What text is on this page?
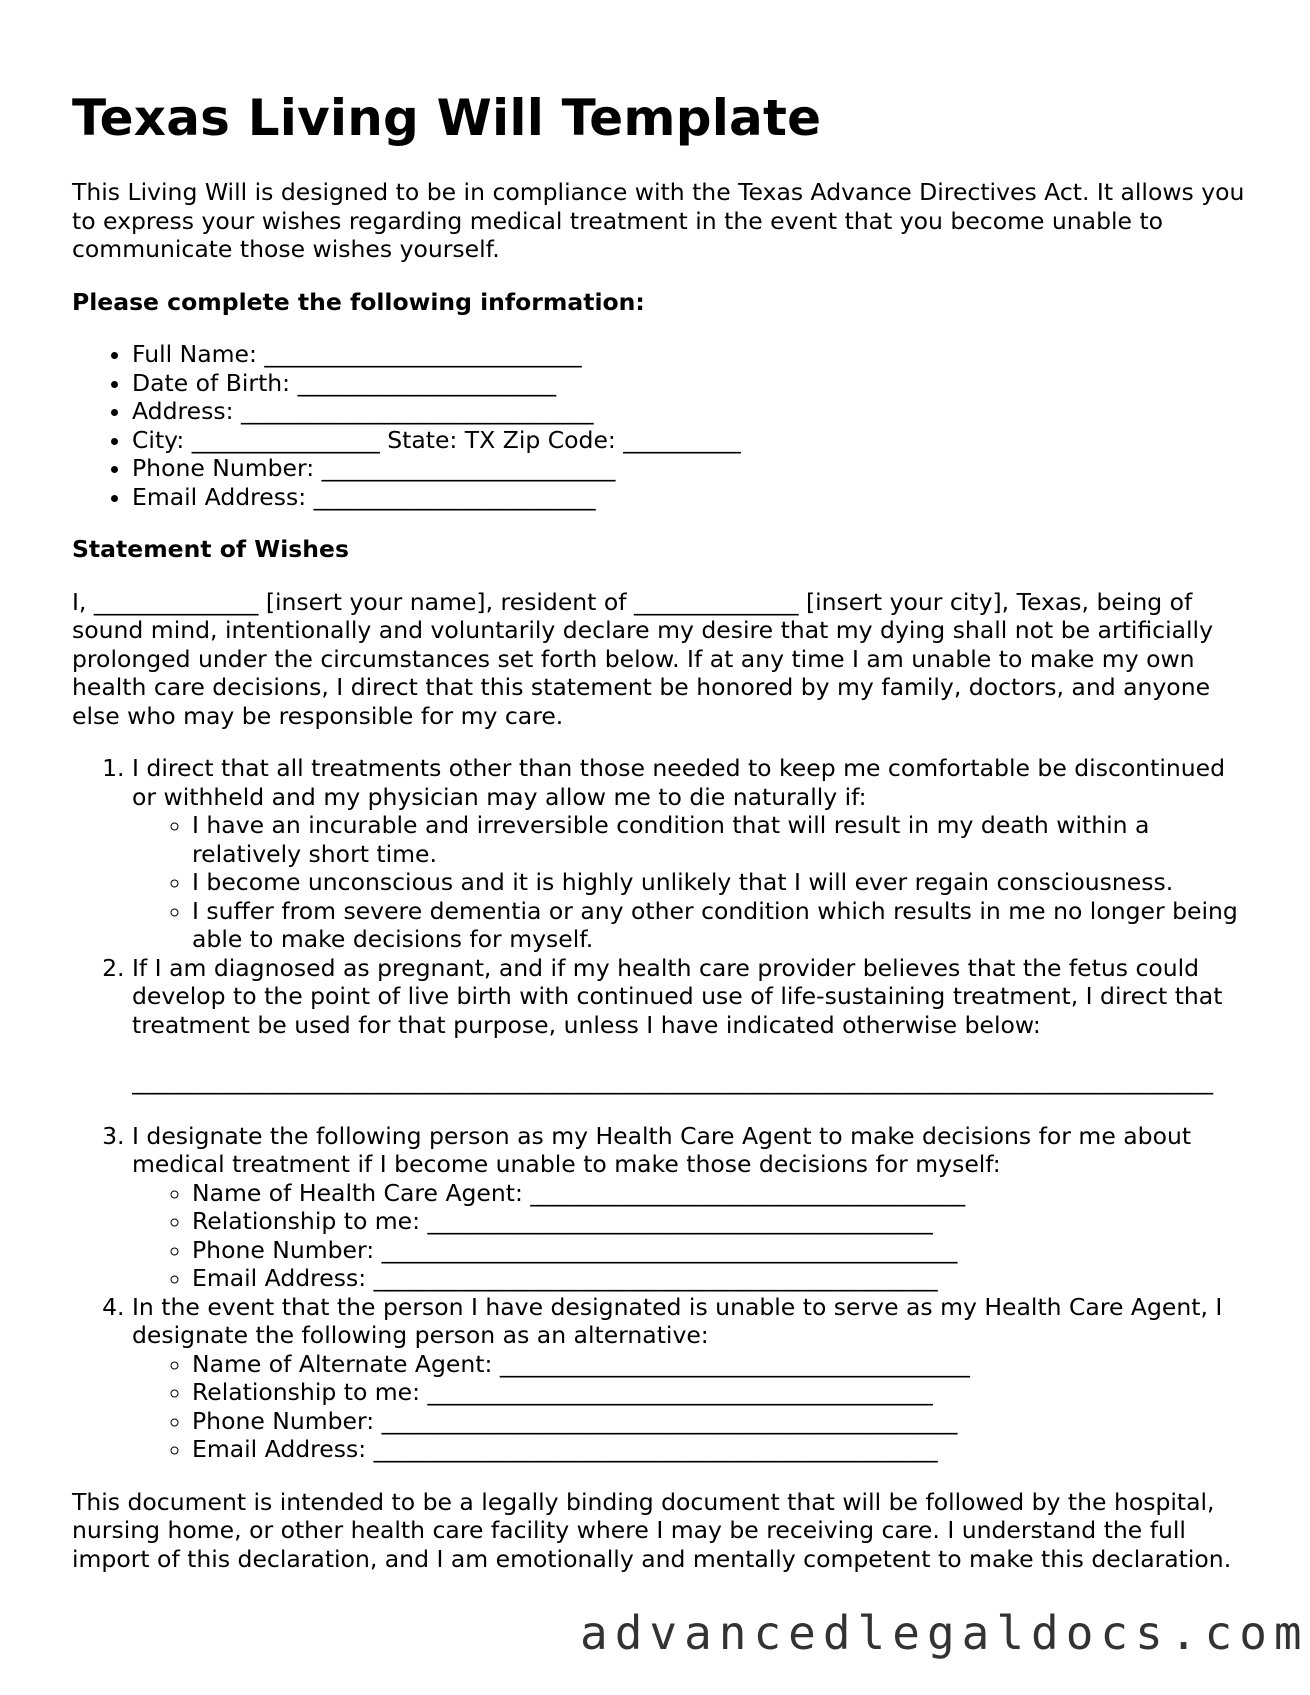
Texas Living Will Template

This Living Will is designed to be in compliance with the Texas Advance Directives Act. It allows you to express your wishes regarding medical treatment in the event that you become unable to communicate those wishes yourself.

Please complete the following information:
• Full Name: ___________________________
• Date of Birth: ______________________
• Address: ______________________________
• City: ________________ State: TX Zip Code: __________
• Phone Number: _________________________
• Email Address: ________________________
Statement of Wishes

I, ______________ [insert your name], resident of ______________ [insert your city], Texas, being of sound mind, intentionally and voluntarily declare my desire that my dying shall not be artificially prolonged under the circumstances set forth below. If at any time I am unable to make my own health care decisions, I direct that this statement be honored by my family, doctors, and anyone else who may be responsible for my care.

1. I direct that all treatments other than those needed to keep me comfortable be discontinued or withheld and my physician may allow me to die naturally if:
◦ I have an incurable and irreversible condition that will result in my death within a relatively short time.
◦ I become unconscious and it is highly unlikely that I will ever regain consciousness.
◦ I suffer from severe dementia or any other condition which results in me no longer being able to make decisions for myself.
2. If I am diagnosed as pregnant, and if my health care provider believes that the fetus could develop to the point of live birth with continued use of life-sustaining treatment, I direct that treatment be used for that purpose, unless I have indicated otherwise below:
____________________________________________________________________________________________
3. I designate the following person as my Health Care Agent to make decisions for me about medical treatment if I become unable to make those decisions for myself:
◦ Name of Health Care Agent: _____________________________________
◦ Relationship to me: ___________________________________________
◦ Phone Number: _________________________________________________
◦ Email Address: ________________________________________________
4. In the event that the person I have designated is unable to serve as my Health Care Agent, I designate the following person as an alternative:
◦ Name of Alternate Agent: ________________________________________
◦ Relationship to me: ___________________________________________
◦ Phone Number: _________________________________________________
◦ Email Address: ________________________________________________

This document is intended to be a legally binding document that will be followed by the hospital, nursing home, or other health care facility where I may be receiving care. I understand the full import of this declaration, and I am emotionally and mentally competent to make this declaration.

advancedlegaldocs.com
